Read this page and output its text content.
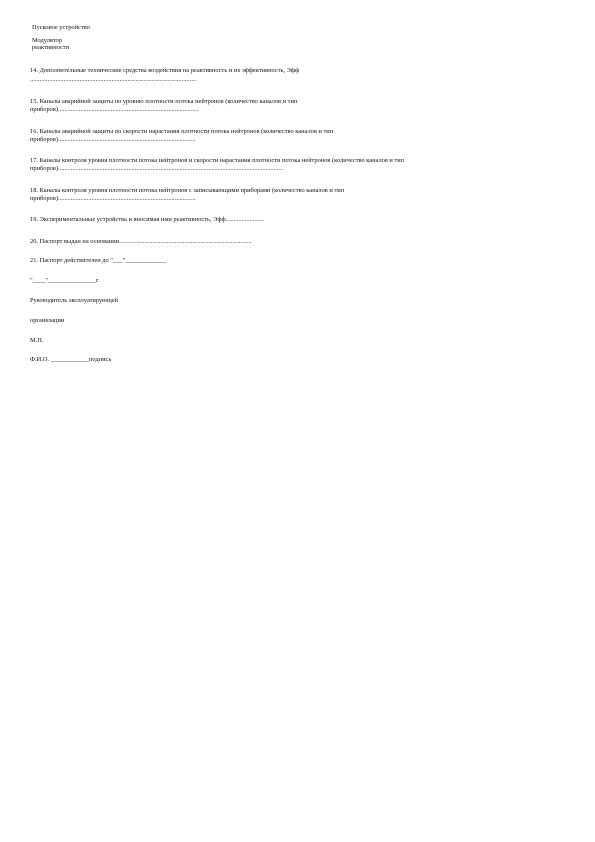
Пусковое устройство
Модулятор
реактивности
14. Дополнительные технические средства воздействия на реактивность и их эффективность, Эфф
........................................................................................................
15. Каналы аварийной защиты по уровню плотности потока нейтронов (количество каналов и тип
приборов)........................................................................................
16. Каналы аварийной защиты по скорости нарастания плотности потока нейтронов (количество каналов и тип
приборов)......................................................................................
17. Каналы контроля уровня плотности потока нейтронов и скорости нарастания плотности потока нейтронов (количество каналов и тип
приборов).............................................................................................................................................
18. Каналы контроля уровня плотности потока нейтронов с записывающими приборами (количество каналов и тип
приборов)......................................................................................
19. Экспериментальные устройства и вносимая ими реактивность, Эфф........................
20. Паспорт выдан на основании...................................................................................
21. Паспорт действителен до "___"_____________
"____"_______________г.
Руководитель эксплуатирующей
организации
М.П.
Ф.И.О. ____________подпись
